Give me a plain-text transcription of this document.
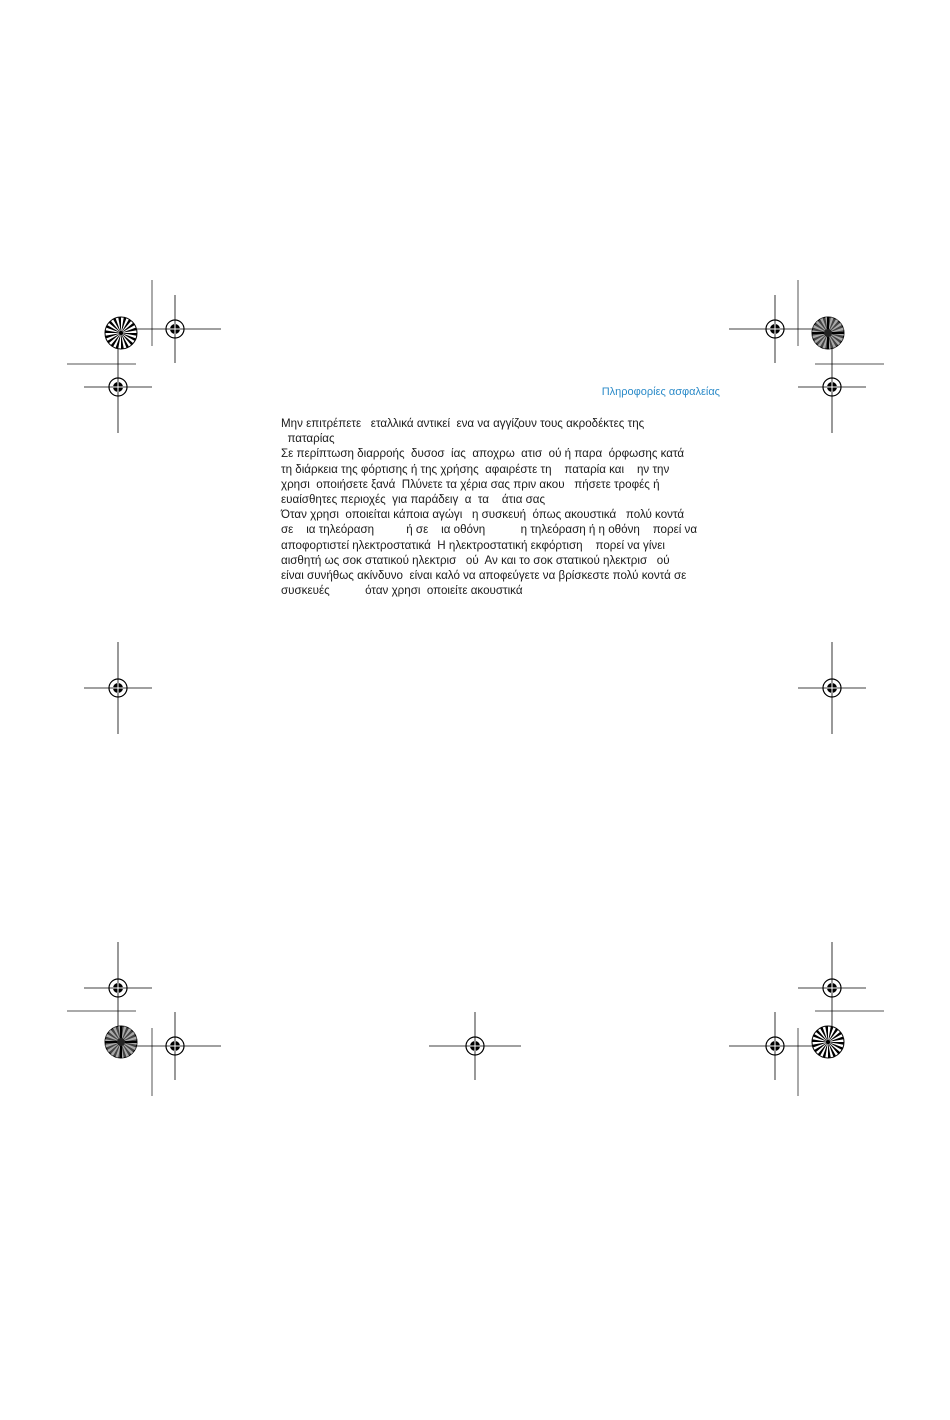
Πληροφορίες ασφαλείας
Μην επιτρέπετε   εταλλικά αντικεί  ενα να αγγίζουν τους ακροδέκτες της
παταρίας
Σε περίπτωση διαρροής  δυσοσ  ίας  αποχρω  ατισ  ού ή παρα  όρφωσης κατά
τη διάρκεια της φόρτισης ή της χρήσης  αφαιρέστε τη    παταρία και    ην την
χρησι  οποιήσετε ξανά  Πλύνετε τα χέρια σας πριν ακου   πήσετε τροφές ή
ευαίσθητες περιοχές  για παράδειγ  α  τα    άτια σας
Όταν χρησι  οποιείται κάποια αγώγι   η συσκευή  όπως ακουστικά   πολύ κοντά
σε    ια τηλεόραση          ή σε    ια οθόνη           η τηλεόραση ή η οθόνη    πορεί να
αποφορτιστεί ηλεκτροστατικά  Η ηλεκτροστατική εκφόρτιση    πορεί να γίνει
αισθητή ως σοκ στατικού ηλεκτρισ   ού  Αν και το σοκ στατικού ηλεκτρισ   ού
είναι συνήθως ακίνδυνο  είναι καλό να αποφεύγετε να βρίσκεστε πολύ κοντά σε
συσκευές           όταν χρησι  οποιείτε ακουστικά
